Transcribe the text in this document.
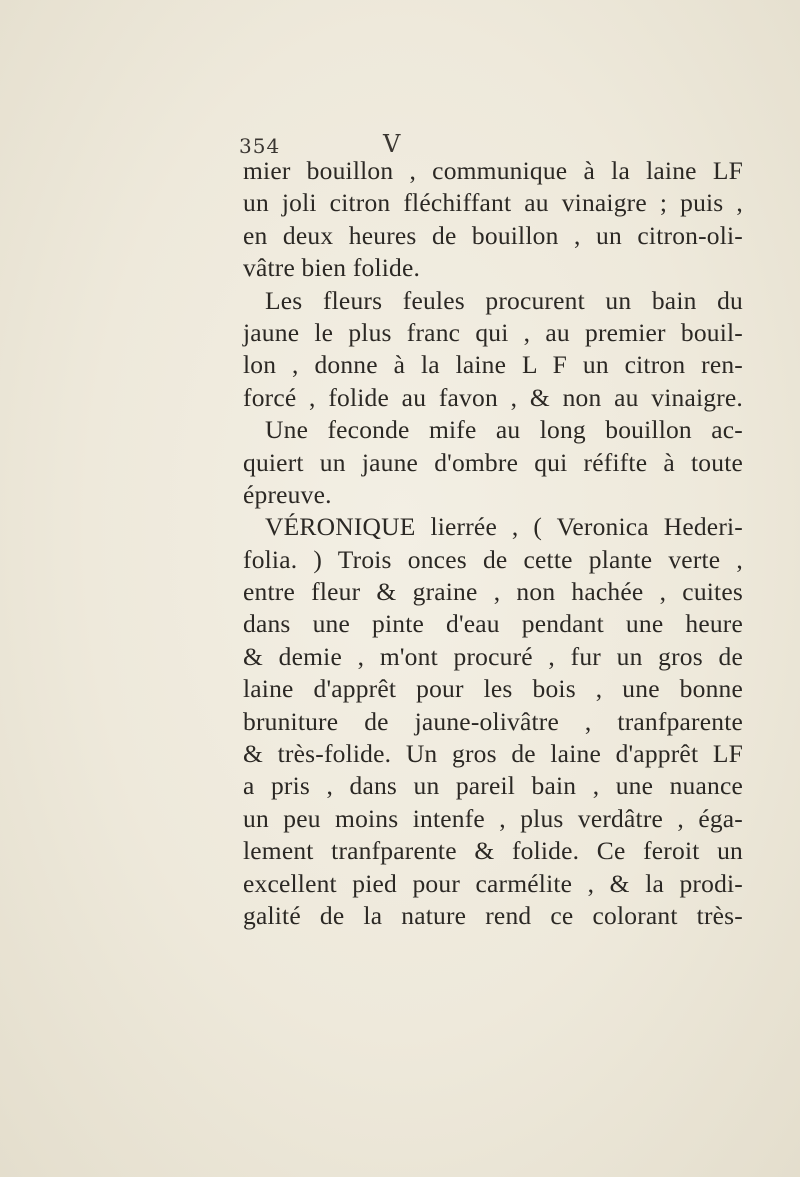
354	V
mier bouillon , communique à la laine LF
un joli citron fléchiffant au vinaigre ; puis ,
en deux heures de bouillon , un citron-oli-
vâtre bien folide.
Les fleurs feules procurent un bain du
jaune le plus franc qui , au premier bouil-
lon , donne à la laine L F un citron ren-
forcé , folide au favon , & non au vinaigre.
Une feconde mife au long bouillon ac-
quiert un jaune d'ombre qui réfifte à toute
épreuve.
VÉRONIQUE lierrée , ( Veronica Hederi-
folia. ) Trois onces de cette plante verte ,
entre fleur & graine , non hachée , cuites
dans une pinte d'eau pendant une heure
& demie , m'ont procuré , fur un gros de
laine d'apprêt pour les bois , une bonne
bruniture de jaune-olivâtre , tranfparente
& très-folide. Un gros de laine d'apprêt LF
a pris , dans un pareil bain , une nuance
un peu moins intenfe , plus verdâtre , éga-
lement tranfparente & folide. Ce feroit un
excellent pied pour carmélite , & la prodi-
galité de la nature rend ce colorant très-
